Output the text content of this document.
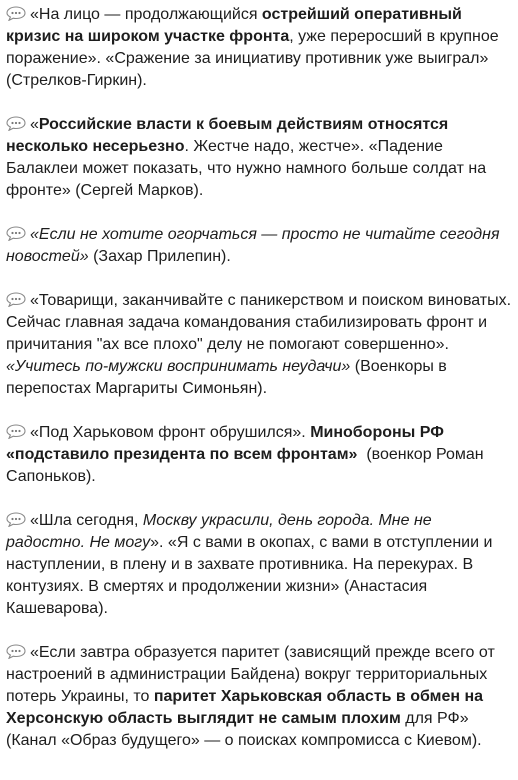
«На лицо — продолжающийся острейший оперативный кризис на широком участке фронта, уже переросший в крупное поражение». «Сражение за инициативу противник уже выиграл» (Стрелков-Гиркин).

«Российские власти к боевым действиям относятся несколько несерьезно. Жестче надо, жестче». «Падение Балаклеи может показать, что нужно намного больше солдат на фронте» (Сергей Марков).

«Если не хотите огорчаться — просто не читайте сегодня новостей» (Захар Прилепин).

«Товарищи, заканчивайте с паникерством и поиском виноватых. Сейчас главная задача командования стабилизировать фронт и причитания "ах все плохо" делу не помогают совершенно». «Учитесь по-мужски воспринимать неудачи» (Военкоры в перепостах Маргариты Симоньян).

«Под Харьковом фронт обрушился». Минобороны РФ «подставило президента по всем фронтам»  (военкор Роман Сапоньков).

«Шла сегодня, Москву украсили, день города. Мне не радостно. Не могу». «Я с вами в окопах, с вами в отступлении и наступлении, в плену и в захвате противника. На перекурах. В контузиях. В смертях и продолжении жизни» (Анастасия Кашеварова).

«Если завтра образуется паритет (зависящий прежде всего от настроений в администрации Байдена) вокруг территориальных потерь Украины, то паритет Харьковская область в обмен на Херсонскую область выглядит не самым плохим для РФ» (Канал «Образ будущего» — о поисках компромисса с Киевом).
